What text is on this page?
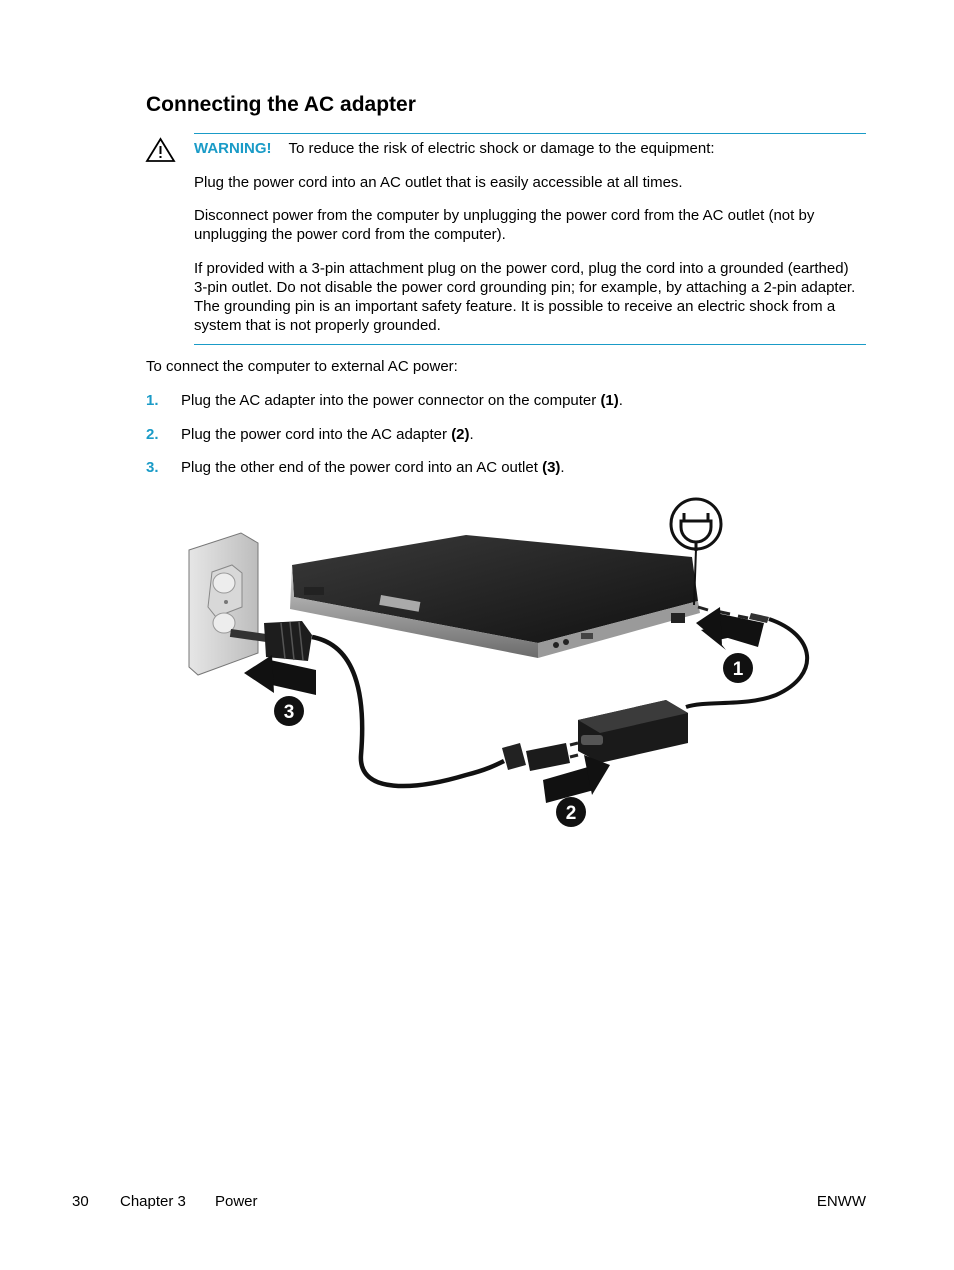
Connecting the AC adapter

WARNING! To reduce the risk of electric shock or damage to the equipment:

Plug the power cord into an AC outlet that is easily accessible at all times.

Disconnect power from the computer by unplugging the power cord from the AC outlet (not by unplugging the power cord from the computer).

If provided with a 3-pin attachment plug on the power cord, plug the cord into a grounded (earthed) 3-pin outlet. Do not disable the power cord grounding pin; for example, by attaching a 2-pin adapter. The grounding pin is an important safety feature. It is possible to receive an electric shock from a system that is not properly grounded.

To connect the computer to external AC power:

1. Plug the AC adapter into the power connector on the computer (1).

2. Plug the power cord into the AC adapter (2).

3. Plug the other end of the power cord into an AC outlet (3).

1
2
3
30 Chapter 3 Power	ENWW
